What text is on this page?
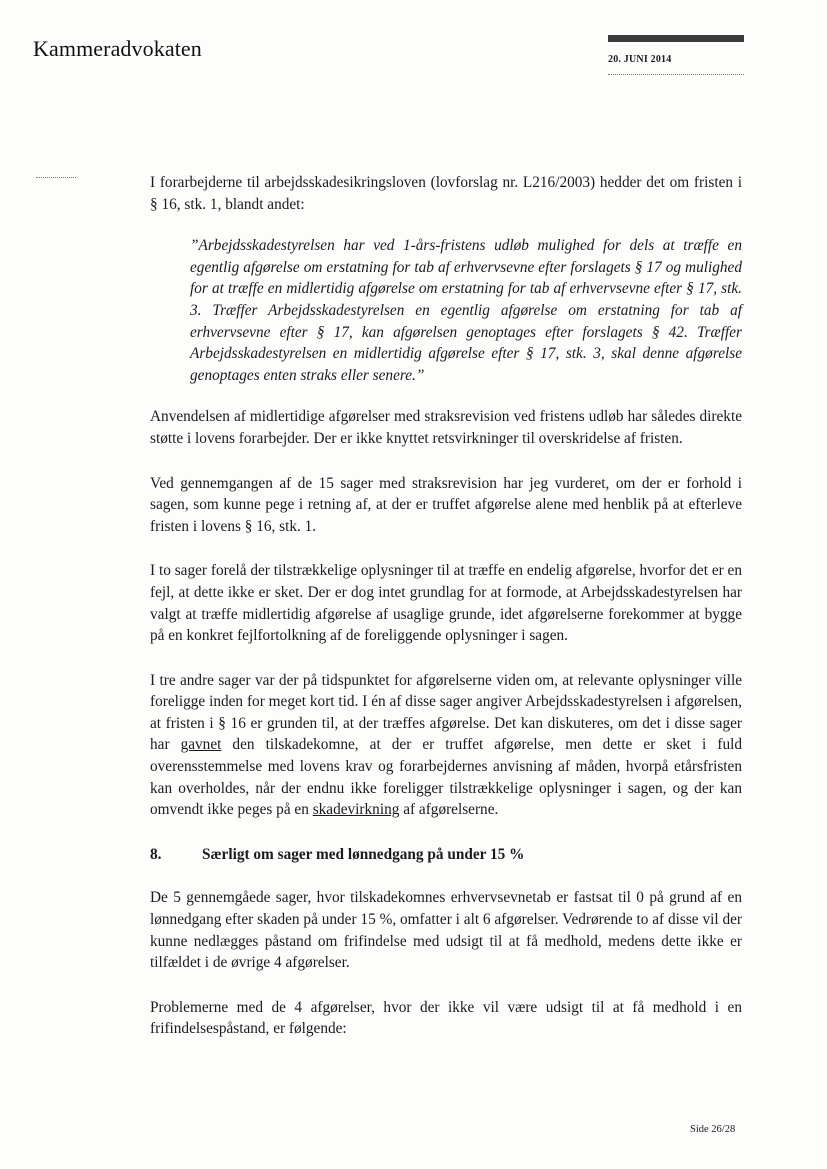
Kammeradvokaten	20. JUNI 2014

I forarbejderne til arbejdsskadesikringsloven (lovforslag nr. L216/2003) hedder det om fristen i § 16, stk. 1, blandt andet:

”Arbejdsskadestyrelsen har ved 1-års-fristens udløb mulighed for dels at træffe en egentlig afgørelse om erstatning for tab af erhvervsevne efter forslagets § 17 og mulighed for at træffe en midlertidig afgørelse om erstatning for tab af erhvervsevne efter § 17, stk. 3. Træffer Arbejdsskadestyrelsen en egentlig afgørelse om erstatning for tab af erhvervsevne efter § 17, kan afgørelsen genoptages efter forslagets § 42. Træffer Arbejdsskadestyrelsen en midlertidig afgørelse efter § 17, stk. 3, skal denne afgørelse genoptages enten straks eller senere.”

Anvendelsen af midlertidige afgørelser med straksrevision ved fristens udløb har således direkte støtte i lovens forarbejder. Der er ikke knyttet retsvirkninger til overskridelse af fristen.

Ved gennemgangen af de 15 sager med straksrevision har jeg vurderet, om der er forhold i sagen, som kunne pege i retning af, at der er truffet afgørelse alene med henblik på at efterleve fristen i lovens § 16, stk. 1.

I to sager forelå der tilstrækkelige oplysninger til at træffe en endelig afgørelse, hvorfor det er en fejl, at dette ikke er sket. Der er dog intet grundlag for at formode, at Arbejdsskadestyrelsen har valgt at træffe midlertidig afgørelse af usaglige grunde, idet afgørelserne forekommer at bygge på en konkret fejlfortolkning af de foreliggende oplysninger i sagen.

I tre andre sager var der på tidspunktet for afgørelserne viden om, at relevante oplysninger ville foreligge inden for meget kort tid. I én af disse sager angiver Arbejdsskadestyrelsen i afgørelsen, at fristen i § 16 er grunden til, at der træffes afgørelse. Det kan diskuteres, om det i disse sager har gavnet den tilskadekomne, at der er truffet afgørelse, men dette er sket i fuld overensstemmelse med lovens krav og forarbejdernes anvisning af måden, hvorpå etårsfristen kan overholdes, når der endnu ikke foreligger tilstrækkelige oplysninger i sagen, og der kan omvendt ikke peges på en skadevirkning af afgørelserne.

8.	Særligt om sager med lønnedgang på under 15 %

De 5 gennemgåede sager, hvor tilskadekomnes erhvervsevnetab er fastsat til 0 på grund af en lønnedgang efter skaden på under 15 %, omfatter i alt 6 afgørelser. Vedrørende to af disse vil der kunne nedlægges påstand om frifindelse med udsigt til at få medhold, medens dette ikke er tilfældet i de øvrige 4 afgørelser.

Problemerne med de 4 afgørelser, hvor der ikke vil være udsigt til at få medhold i en frifindelsespåstand, er følgende:

Side 26/28
